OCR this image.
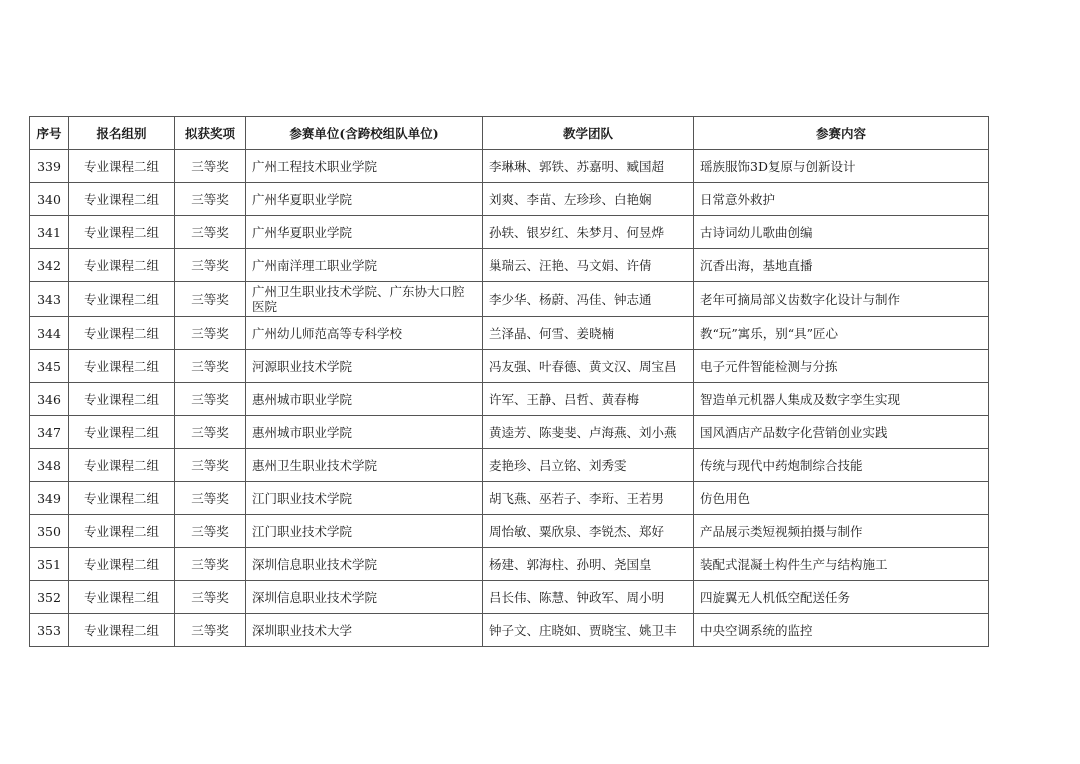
序号	报名组别	拟获奖项	参赛单位(含跨校组队单位)	教学团队	参赛内容
339	专业课程二组	三等奖	广州工程技术职业学院	李琳琳、郭铁、苏嘉明、臧国超	瑶族服饰3D复原与创新设计
340	专业课程二组	三等奖	广州华夏职业学院	刘爽、李苗、左珍珍、白艳娴	日常意外救护
341	专业课程二组	三等奖	广州华夏职业学院	孙轶、银岁红、朱梦月、何昱烨	古诗词幼儿歌曲创编
342	专业课程二组	三等奖	广州南洋理工职业学院	巢瑞云、汪艳、马文娟、许倩	沉香出海，基地直播
343	专业课程二组	三等奖	广州卫生职业技术学院、广东协大口腔医院	李少华、杨蔚、冯佳、钟志通	老年可摘局部义齿数字化设计与制作
344	专业课程二组	三等奖	广州幼儿师范高等专科学校	兰泽晶、何雪、姜晓楠	教“玩”寓乐，别“具”匠心
345	专业课程二组	三等奖	河源职业技术学院	冯友强、叶春德、黄文汉、周宝昌	电子元件智能检测与分拣
346	专业课程二组	三等奖	惠州城市职业学院	许军、王静、吕哲、黄春梅	智造单元机器人集成及数字孪生实现
347	专业课程二组	三等奖	惠州城市职业学院	黄逵芳、陈斐斐、卢海燕、刘小燕	国风酒店产品数字化营销创业实践
348	专业课程二组	三等奖	惠州卫生职业技术学院	麦艳珍、吕立铭、刘秀雯	传统与现代中药炮制综合技能
349	专业课程二组	三等奖	江门职业技术学院	胡飞燕、巫若子、李珩、王若男	仿色用色
350	专业课程二组	三等奖	江门职业技术学院	周怡敏、粟欣泉、李锐杰、郑好	产品展示类短视频拍摄与制作
351	专业课程二组	三等奖	深圳信息职业技术学院	杨建、郭海柱、孙明、尧国皇	装配式混凝土构件生产与结构施工
352	专业课程二组	三等奖	深圳信息职业技术学院	吕长伟、陈慧、钟政军、周小明	四旋翼无人机低空配送任务
353	专业课程二组	三等奖	深圳职业技术大学	钟子文、庄晓如、贾晓宝、姚卫丰	中央空调系统的监控
